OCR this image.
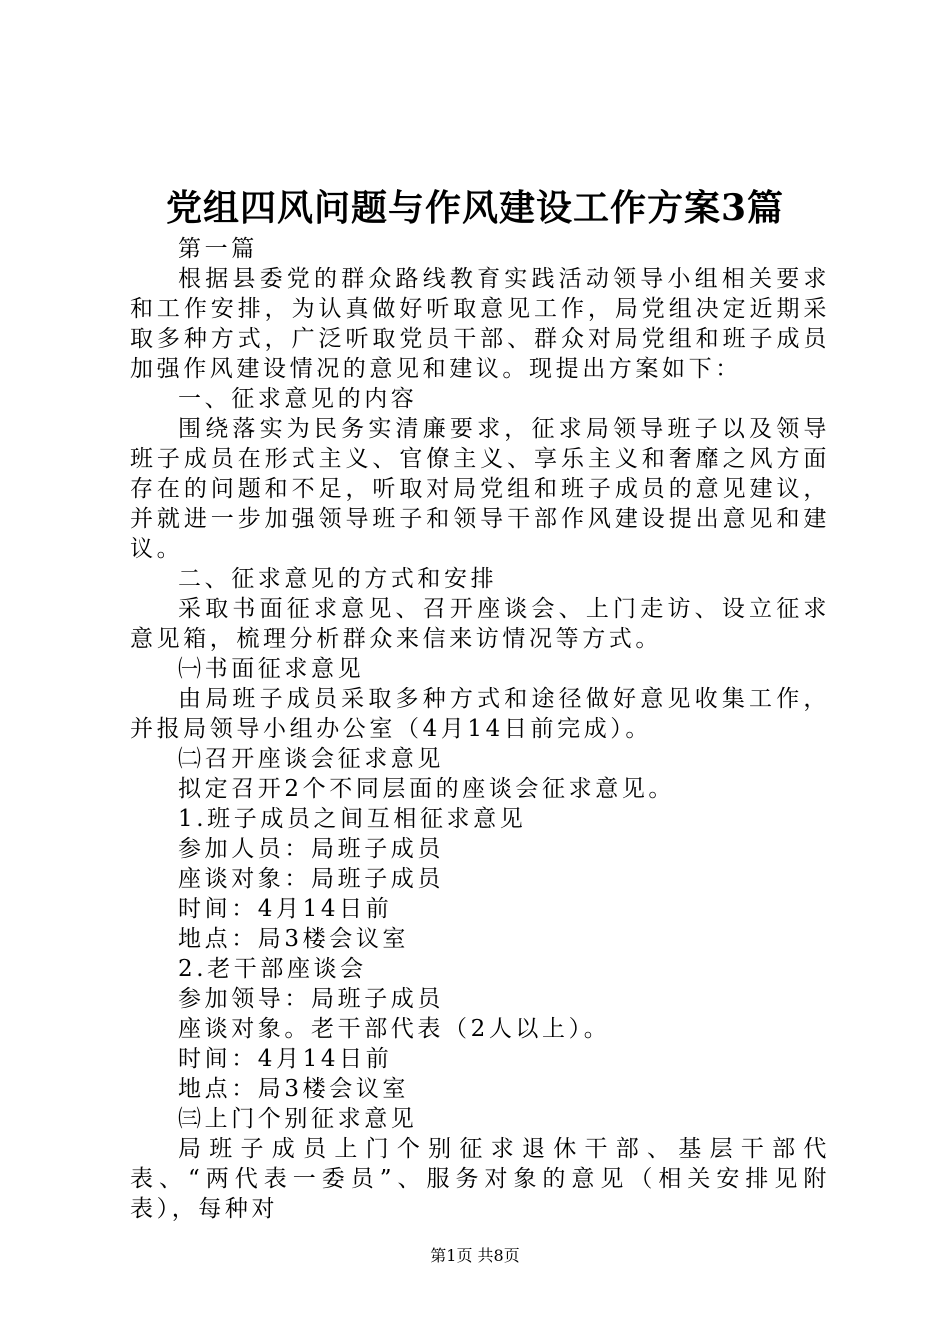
党组四风问题与作风建设工作方案3篇

第一篇

根据县委党的群众路线教育实践活动领导小组相关要求和工作安排，为认真做好听取意见工作，局党组决定近期采取多种方式，广泛听取党员干部、群众对局党组和班子成员加强作风建设情况的意见和建议。现提出方案如下：

一、征求意见的内容

围绕落实为民务实清廉要求，征求局领导班子以及领导班子成员在形式主义、官僚主义、享乐主义和奢靡之风方面存在的问题和不足，听取对局党组和班子成员的意见建议，并就进一步加强领导班子和领导干部作风建设提出意见和建议。

二、征求意见的方式和安排

采取书面征求意见、召开座谈会、上门走访、设立征求意见箱，梳理分析群众来信来访情况等方式。

㈠书面征求意见

由局班子成员采取多种方式和途径做好意见收集工作，并报局领导小组办公室（4月14日前完成）。

㈡召开座谈会征求意见

拟定召开2个不同层面的座谈会征求意见。

1.班子成员之间互相征求意见

参加人员：局班子成员

座谈对象：局班子成员

时间：4月14日前

地点：局3楼会议室

2.老干部座谈会

参加领导：局班子成员

座谈对象。老干部代表（2人以上）。

时间：4月14日前

地点：局3楼会议室

㈢上门个别征求意见

局班子成员上门个别征求退休干部、基层干部代表、“两代表一委员”、服务对象的意见（相关安排见附表），每种对

第1页 共8页
